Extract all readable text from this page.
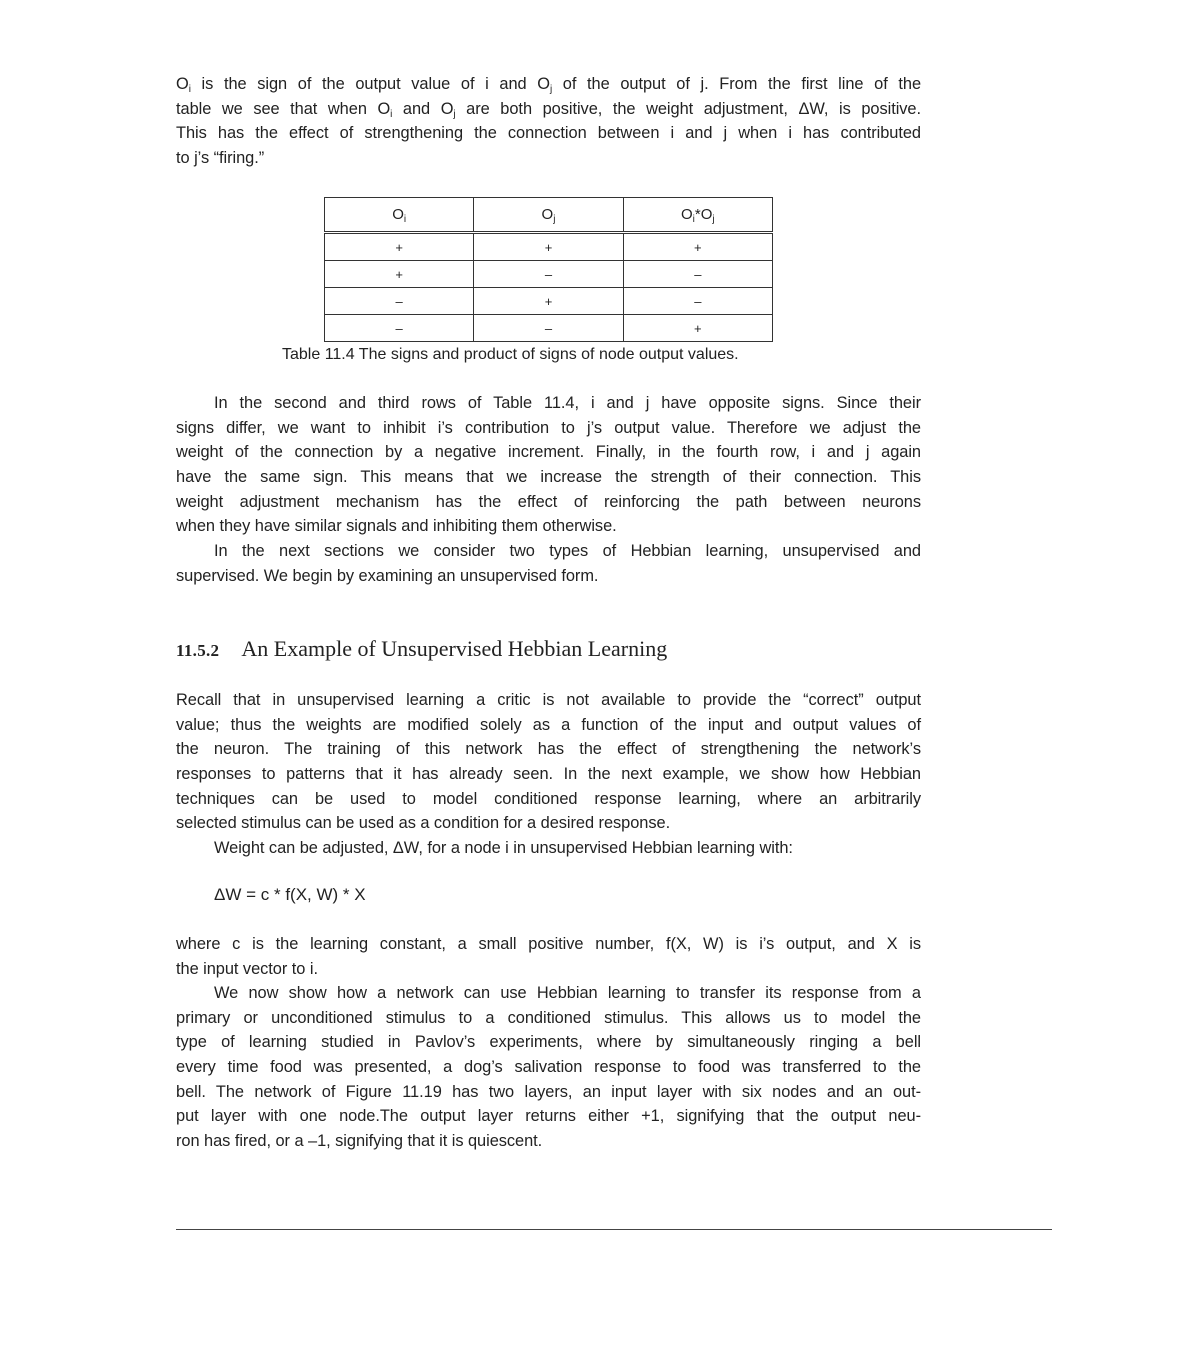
$O_i$ is the sign of the output value of i and $O_j$ of the output of j. From the first line of the
table we see that when $O_i$ and $O_j$ are both positive, the weight adjustment, ΔW, is positive.
This has the effect of strengthening the connection between i and j when i has contributed
to j’s “firing.”
$O_i$	$O_j$	$O_i*O_j$
+	+	+
+	–	–
–	+	–
–	–	+
Table 11.4 The signs and product of signs of node output values.
In the second and third rows of Table 11.4, i and j have opposite signs. Since their
signs differ, we want to inhibit i’s contribution to j’s output value. Therefore we adjust the
weight of the connection by a negative increment. Finally, in the fourth row, i and j again
have the same sign. This means that we increase the strength of their connection. This
weight adjustment mechanism has the effect of reinforcing the path between neurons
when they have similar signals and inhibiting them otherwise.
In the next sections we consider two types of Hebbian learning, unsupervised and
supervised. We begin by examining an unsupervised form.
11.5.2 An Example of Unsupervised Hebbian Learning
Recall that in unsupervised learning a critic is not available to provide the “correct” output
value; thus the weights are modified solely as a function of the input and output values of
the neuron. The training of this network has the effect of strengthening the network’s
responses to patterns that it has already seen. In the next example, we show how Hebbian
techniques can be used to model conditioned response learning, where an arbitrarily
selected stimulus can be used as a condition for a desired response.
Weight can be adjusted, ΔW, for a node i in unsupervised Hebbian learning with:
ΔW = c * f(X, W) * X
where c is the learning constant, a small positive number, f(X, W) is i’s output, and X is
the input vector to i.
We now show how a network can use Hebbian learning to transfer its response from a
primary or unconditioned stimulus to a conditioned stimulus. This allows us to model the
type of learning studied in Pavlov’s experiments, where by simultaneously ringing a bell
every time food was presented, a dog’s salivation response to food was transferred to the
bell. The network of Figure 11.19 has two layers, an input layer with six nodes and an out-
put layer with one node.The output layer returns either +1, signifying that the output neu-
ron has fired, or a –1, signifying that it is quiescent.
